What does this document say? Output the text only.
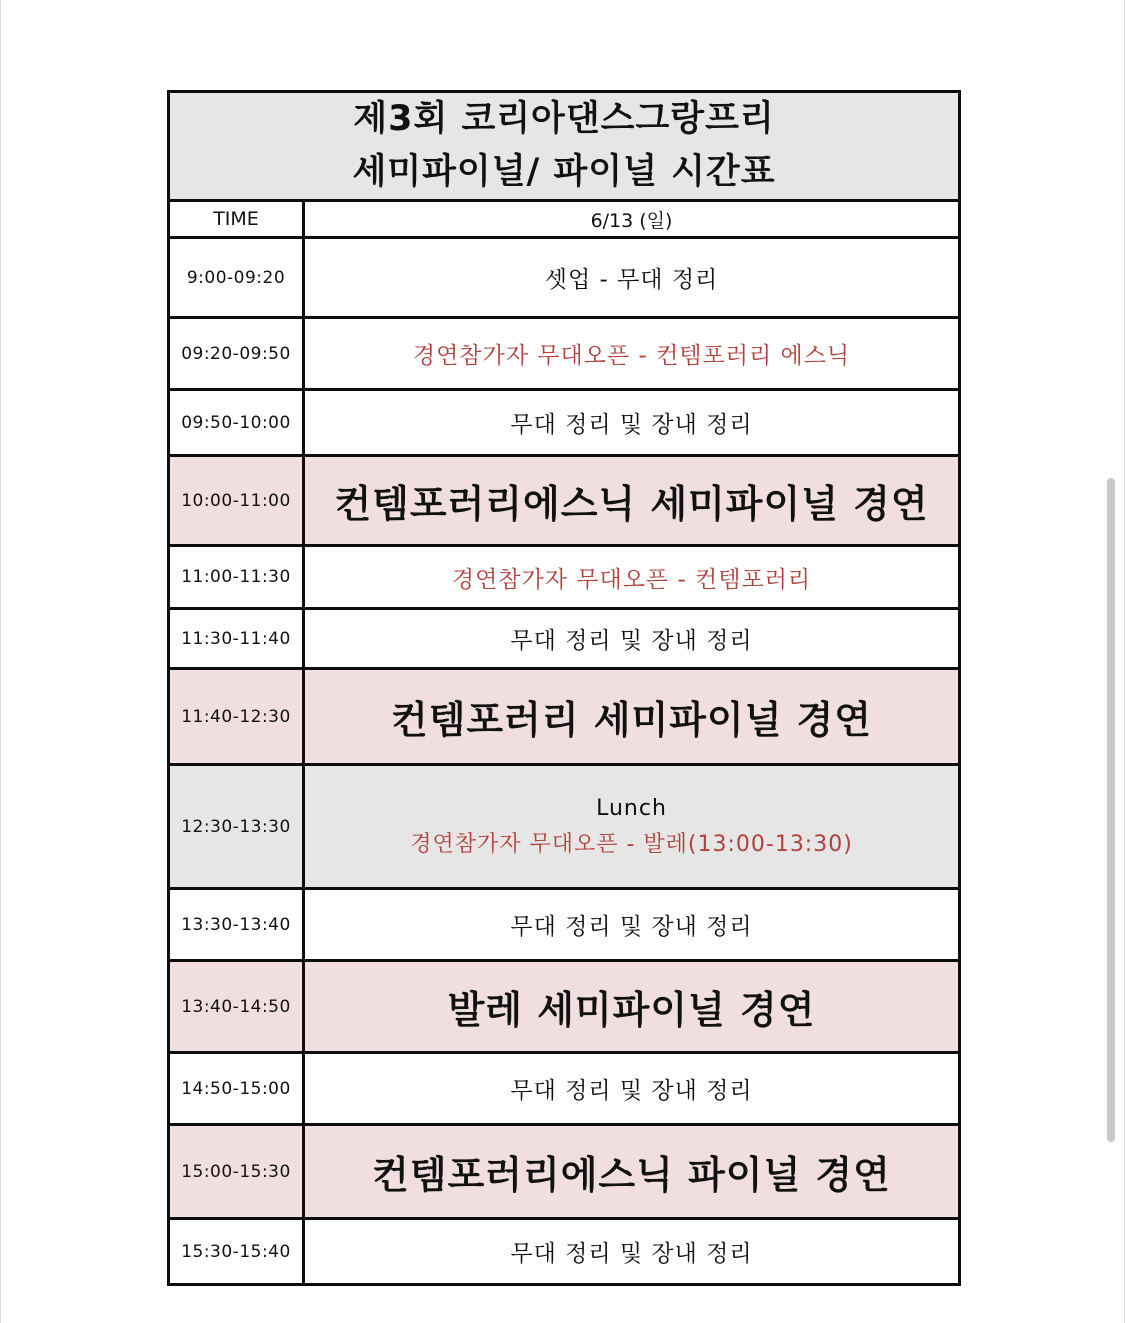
제3회 코리아댄스그랑프리
세미파이널/ 파이널 시간표	

TIME	6/13 (일)
9:00-09:20	셋업 - 무대 정리
09:20-09:50	경연참가자 무대오픈 - 컨템포러리 에스닉
09:50-10:00	무대 정리 및 장내 정리
10:00-11:00	컨템포러리에스닉 세미파이널 경연
11:00-11:30	경연참가자 무대오픈 - 컨템포러리
11:30-11:40	무대 정리 및 장내 정리
11:40-12:30	컨템포러리 세미파이널 경연
12:30-13:30	Lunch
경연참가자 무대오픈 - 발레(13:00-13:30)

13:30-13:40	무대 정리 및 장내 정리
13:40-14:50	발레 세미파이널 경연
14:50-15:00	무대 정리 및 장내 정리
15:00-15:30	컨템포러리에스닉 파이널 경연
15:30-15:40	무대 정리 및 장내 정리
